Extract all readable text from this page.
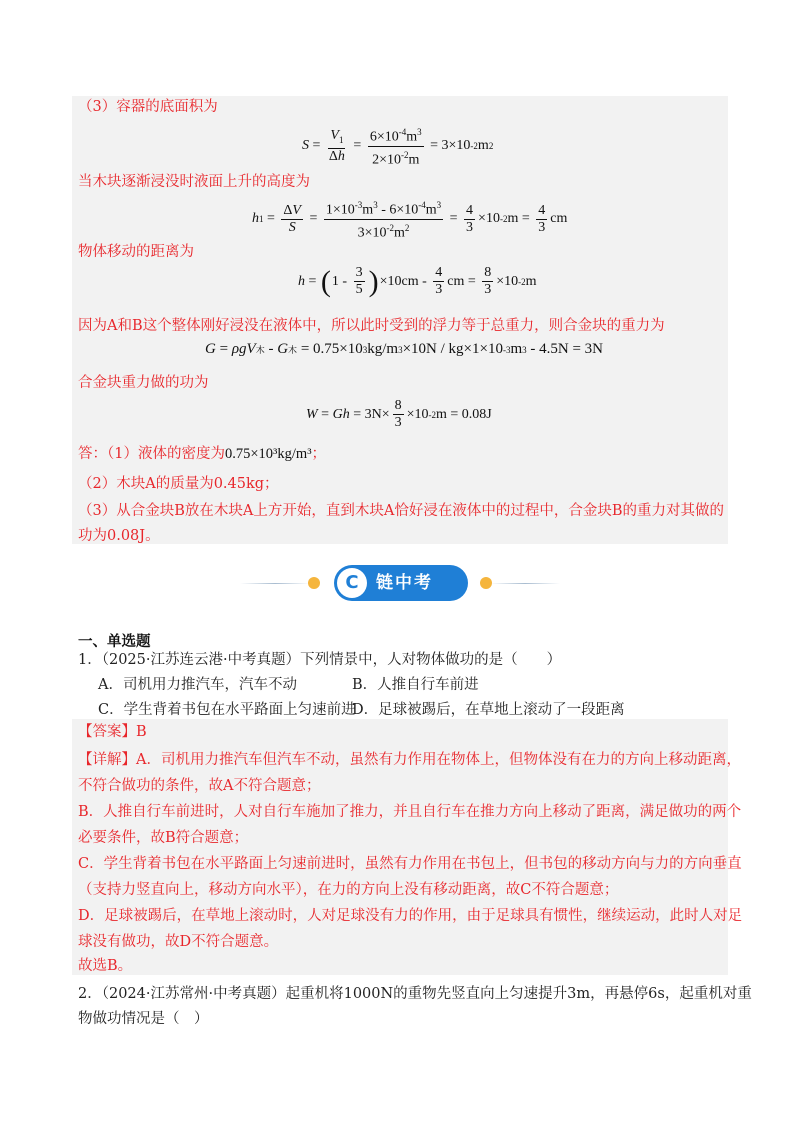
（3）容器的底面积为
$S = \frac{V_1}{\Delta h} = \frac{6\times 10^{-4}m^3}{2\times 10^{-2}m} = 3\times 10$ -2 m 2
当木块逐渐浸没时液面上升的高度为
h $1 = \frac{\Delta V}{S} = \frac{1\times 10^{-3}m^3 - 6\times 10^{-4}m^3}{3\times 10^{-2}m^2} = \frac{4}{3} \times 10$ -2 $m = \frac{4}{3}$ cm
物体移动的距离为
h = ( $1 - \frac{3}{5}$ ) $\times 10cm - \frac{4}{3}$ cm = $\frac{8}{3} \times 10$ -2 m
因为A和B这个整体刚好浸没在液体中，所以此时受到的浮力等于总重力，则合金块的重力为
G = ρgV 木 - G 木 = 0.75×10 3 kg/m 3 ×10N / kg×1×10 -3 m 3 - 4.5N = 3N
合金块重力做的功为
$W = Gh = 3N\times \frac{8}{3} \times 10$ -2 m = 0.08J
答：（1）液体的密度为0.75×10³kg/m³；
（2）木块A的质量为0.45kg；
（3）从合金块B放在木块A上方开始，直到木块A恰好浸在液体中的过程中，合金块B的重力对其做的
功为0.08J。
C	链中考
一、单选题
1．（2025·江苏连云港·中考真题）下列情景中，人对物体做功的是（　　）
A．司机用力推汽车，汽车不动	B．人推自行车前进
C．学生背着书包在水平路面上匀速前进
D．足球被踢后，在草地上滚动了一段距离
【答案】B
【详解】A．司机用力推汽车但汽车不动，虽然有力作用在物体上，但物体没有在力的方向上移动距离，
不符合做功的条件，故A不符合题意；
B．人推自行车前进时，人对自行车施加了推力，并且自行车在推力方向上移动了距离，满足做功的两个
必要条件，故B符合题意；
C．学生背着书包在水平路面上匀速前进时，虽然有力作用在书包上，但书包的移动方向与力的方向垂直
（支持力竖直向上，移动方向水平），在力的方向上没有移动距离，故C不符合题意；
D．足球被踢后，在草地上滚动时，人对足球没有力的作用，由于足球具有惯性，继续运动，此时人对足
球没有做功，故D不符合题意。
故选B。
2．（2024·江苏常州·中考真题）起重机将1000N的重物先竖直向上匀速提升3m，再悬停6s，起重机对重
物做功情况是（　）
